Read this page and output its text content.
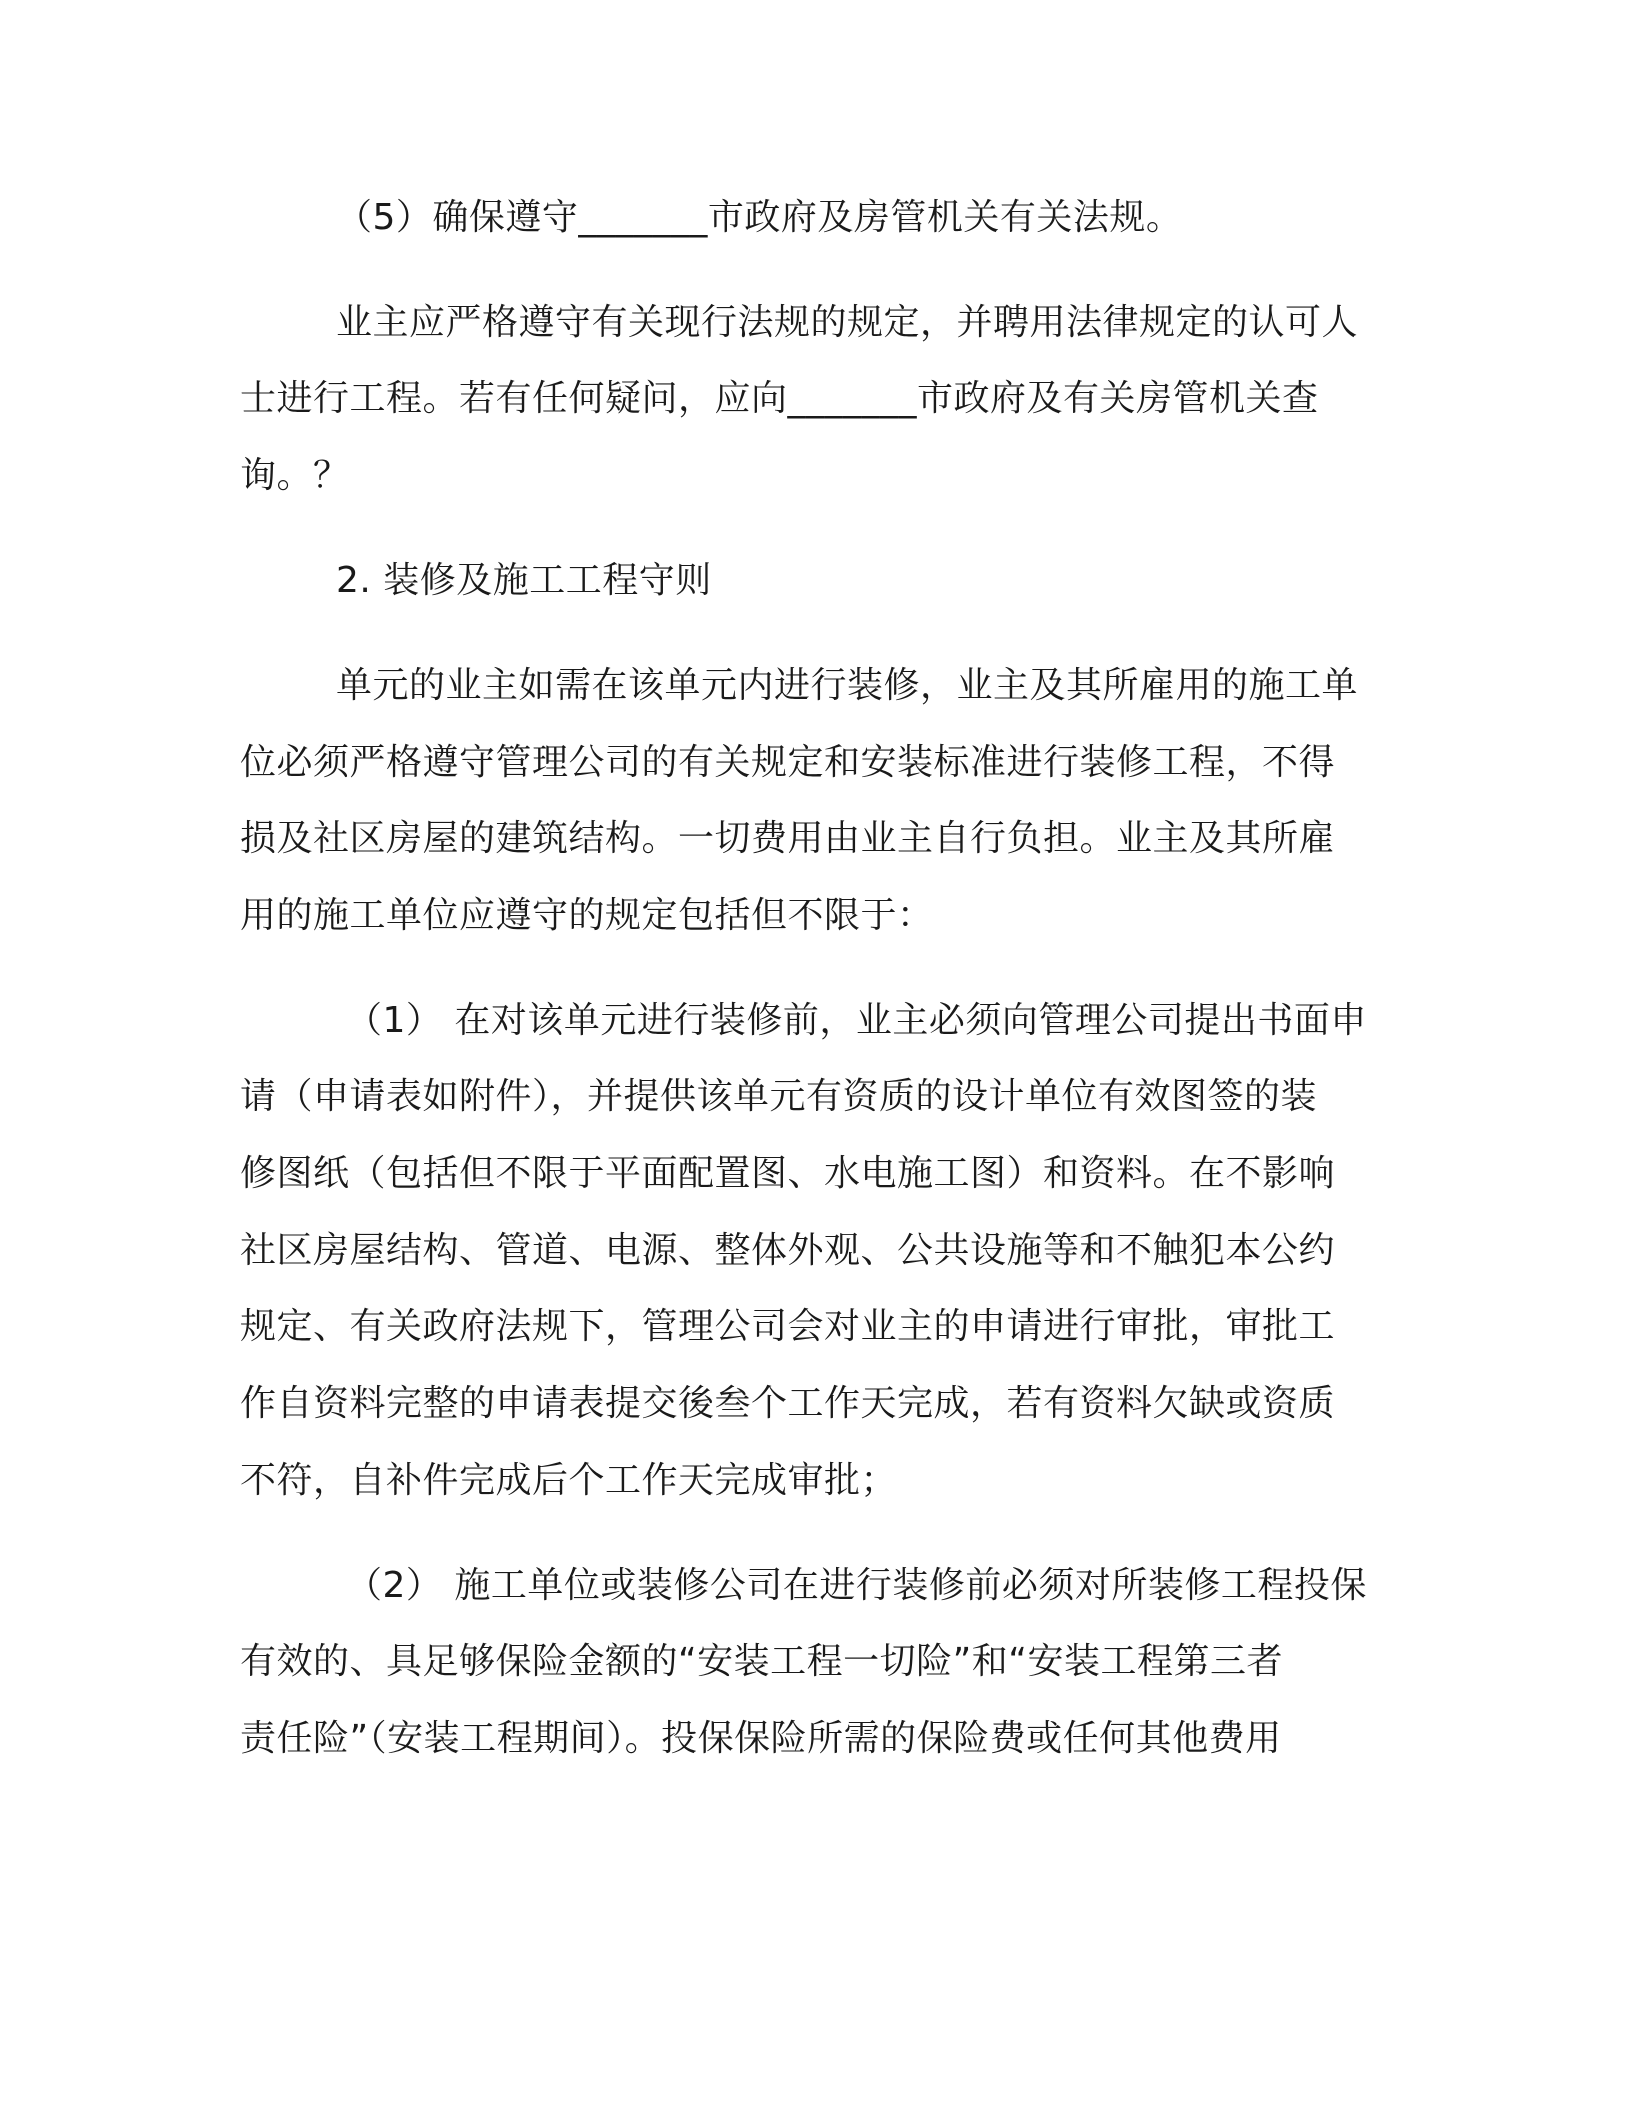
（5）确保遵守_______市政府及房管机关有关法规。
业主应严格遵守有关现行法规的规定，并聘用法律规定的认可人
士进行工程。若有任何疑问，应向_______市政府及有关房管机关查
询。？
2. 装修及施工工程守则
单元的业主如需在该单元内进行装修，业主及其所雇用的施工单
位必须严格遵守管理公司的有关规定和安装标准进行装修工程，不得
损及社区房屋的建筑结构。一切费用由业主自行负担。业主及其所雇
用的施工单位应遵守的规定包括但不限于：
（1） 在对该单元进行装修前，业主必须向管理公司提出书面申
请（申请表如附件），并提供该单元有资质的设计单位有效图签的装
修图纸（包括但不限于平面配置图、水电施工图）和资料。在不影响
社区房屋结构、管道、电源、整体外观、公共设施等和不触犯本公约
规定、有关政府法规下，管理公司会对业主的申请进行审批，审批工
作自资料完整的申请表提交後叁个工作天完成，若有资料欠缺或资质
不符，自补件完成后个工作天完成审批；
（2） 施工单位或装修公司在进行装修前必须对所装修工程投保
有效的、具足够保险金额的“安装工程一切险”和“安装工程第三者
责任险”（安装工程期间）。投保保险所需的保险费或任何其他费用
